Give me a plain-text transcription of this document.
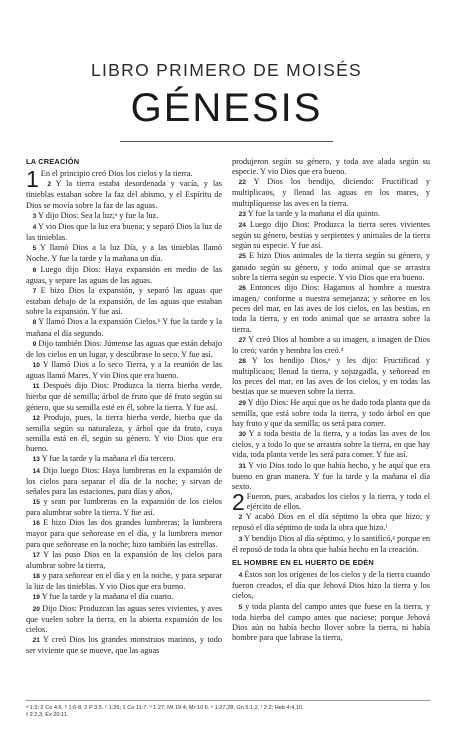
LIBRO PRIMERO DE MOISÉS
GÉNESIS
LA CREACIÓN

1 En el principio creó Dios los cielos y la tierra.

2 Y la tierra estaba desordenada y vacía, y las tinieblas estaban sobre la faz del abismo, y el Espíritu de Dios se movía sobre la faz de las aguas.

3 Y dijo Dios: Sea la luz;ᵃ y fue la luz.

4 Y vio Dios que la luz era buena; y separó Dios la luz de las tinieblas.

5 Y llamó Dios a la luz Día, y a las tinieblas llamó Noche. Y fue la tarde y la mañana un día.

6 Luego dijo Dios: Haya expansión en medio de las aguas, y separe las aguas de las aguas.

7 E hizo Dios la expansión, y separó las aguas que estaban debajo de la expansión, de las aguas que estaban sobre la expansión. Y fue así.

8 Y llamó Dios a la expansión Cielos.ᵇ Y fue la tarde y la mañana el día segundo.

9 Dijo también Dios: Júntense las aguas que están debajo de los cielos en un lugar, y descúbrase lo seco. Y fue así.

10 Y llamó Dios a lo seco Tierra, y a la reunión de las aguas llamó Mares. Y vio Dios que era bueno.

11 Después dijo Dios: Produzca la tierra hierba verde, hierba que dé semilla; árbol de fruto que dé fruto según su género, que su semilla esté en él, sobre la tierra. Y fue así.

12 Produjo, pues, la tierra hierba verde, hierba que da semilla según su naturaleza, y árbol que da fruto, cuya semilla está en él, según su género. Y vio Dios que era bueno.

13 Y fue la tarde y la mañana el día tercero.

14 Dijo luego Dios: Haya lumbreras en la expansión de los cielos para separar el día de la noche; y sirvan de señales para las estaciones, para días y años,

15 y sean por lumbreras en la expansión de los cielos para alumbrar sobre la tierra. Y fue así.

16 E hizo Dios las dos grandes lumbreras; la lumbrera mayor para que señorease en el día, y la lumbrera menor para que señorease en la noche; hizo también las estrellas.

17 Y las puso Dios en la expansión de los cielos para alumbrar sobre la tierra,

18 y para señorear en el día y en la noche, y para separar la luz de las tinieblas. Y vio Dios que era bueno.

19 Y fue la tarde y la mañana el día cuarto.

20 Dijo Dios: Produzcan las aguas seres vivientes, y aves que vuelen sobre la tierra, en la abierta expansión de los cielos.

21 Y creó Dios los grandes monstruos marinos, y todo ser viviente que se mueve, que las aguas

produjeron según su género, y toda ave alada según su especie. Y vio Dios que era bueno.

22 Y Dios los bendijo, diciendo: Fructificad y multiplicaos, y llenad las aguas en los mares, y multiplíquense las aves en la tierra.

23 Y fue la tarde y la mañana el día quinto.

24 Luego dijo Dios: Produzca la tierra seres vivientes según su género, bestias y serpientes y animales de la tierra según su especie. Y fue así.

25 E hizo Dios animales de la tierra según su género, y ganado según su género, y todo animal que se arrastra sobre la tierra según su especie. Y vio Dios que era bueno.

26 Entonces dijo Dios: Hagamos al hombre a nuestra imagen,ᶜ conforme a nuestra semejanza; y señoree en los peces del mar, en las aves de los cielos, en las bestias, en toda la tierra, y en todo animal que se arrastra sobre la tierra.

27 Y creó Dios al hombre a su imagen, a imagen de Dios lo creó; varón y hembra los creó.ᵈ

28 Y los bendijo Dios,ᵉ y les dijo: Fructificad y multiplicaos; llenad la tierra, y sojuzgadla, y señoread en los peces del mar, en las aves de los cielos, y en todas las bestias que se mueven sobre la tierra.

29 Y dijo Dios: He aquí que os he dado toda planta que da semilla, que está sobre toda la tierra, y todo árbol en que hay fruto y que da semilla; os será para comer.

30 Y a toda bestia de la tierra, y a todas las aves de los cielos, y a todo lo que se arrastra sobre la tierra, en que hay vida, toda planta verde les será para comer. Y fue así.

31 Y vio Dios todo lo que había hecho, y he aquí que era bueno en gran manera. Y fue la tarde y la mañana el día sexto.

2 Fueron, pues, acabados los cielos y la tierra, y todo el ejército de ellos.

2 Y acabó Dios en el día séptimo la obra que hizo; y reposó el día séptimo de toda la obra que hizo.ᶠ

3 Y bendijo Dios al día séptimo, y lo santificó,ᵍ porque en él reposó de toda la obra que había hecho en la creación.

EL HOMBRE EN EL HUERTO DE EDÉN

4 Éstos son los orígenes de los cielos y de la tierra cuando fueron creados, el día que Jehová Dios hizo la tierra y los cielos,

5 y toda planta del campo antes que fuese en la tierra, y toda hierba del campo antes que naciese; porque Jehová Dios aún no había hecho llover sobre la tierra, ni había hombre para que labrase la tierra,

ᵃ 1:3; 2 Co 4:6. ᵇ 1:6-8; 2 P 3:5. ᶜ 1:26; 1 Co 11:7. ᵈ 1:27; Mt 19:4; Mr 10:6. ᵉ 1:27,28; Gn 5:1,2. ᶠ 2:2; Heb 4:4,10.
ᵍ 2:2,3; Éx 20:11.
